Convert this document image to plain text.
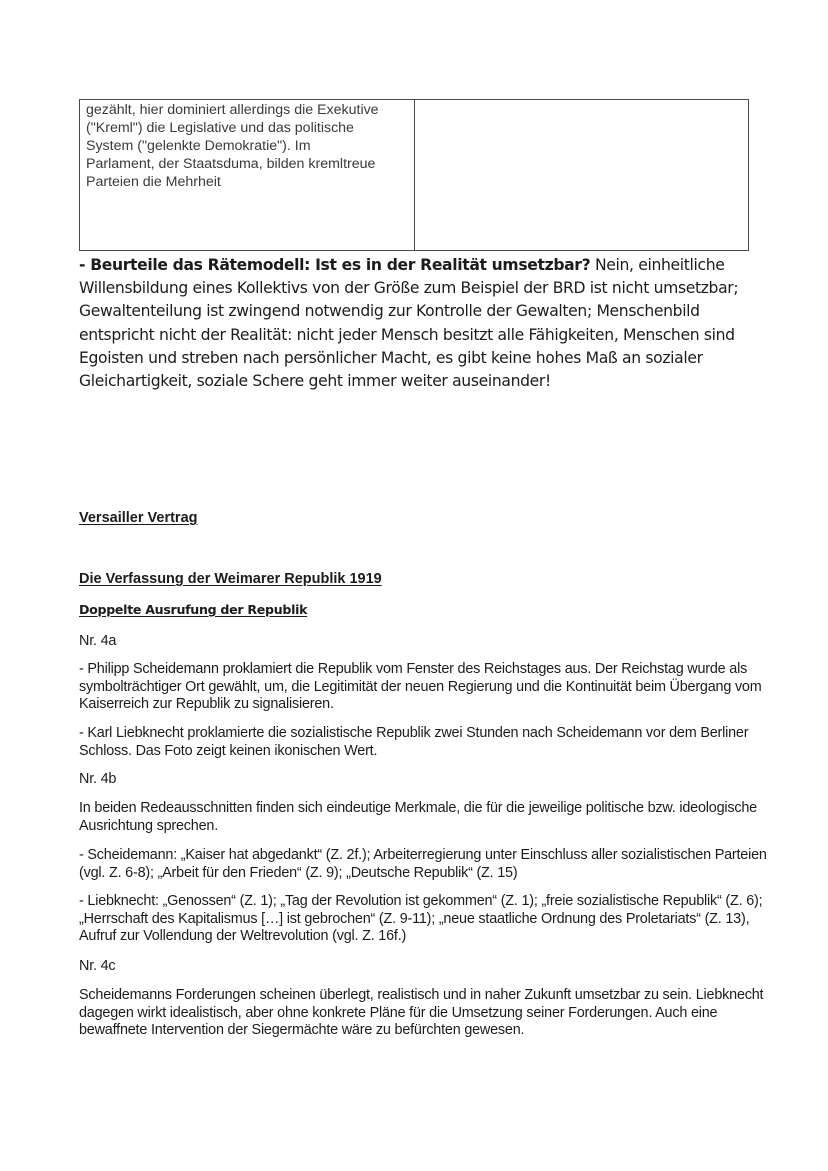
gezählt, hier dominiert allerdings die Exekutive
("Kreml") die Legislative und das politische
System ("gelenkte Demokratie"). Im
Parlament, der Staatsduma, bilden kremltreue
Parteien die Mehrheit
- Beurteile das Rätemodell: Ist es in der Realität umsetzbar? Nein, einheitliche Willensbildung eines Kollektivs von der Größe zum Beispiel der BRD ist nicht umsetzbar; Gewaltenteilung ist zwingend notwendig zur Kontrolle der Gewalten; Menschenbild entspricht nicht der Realität: nicht jeder Mensch besitzt alle Fähigkeiten, Menschen sind Egoisten und streben nach persönlicher Macht, es gibt keine hohes Maß an sozialer Gleichartigkeit, soziale Schere geht immer weiter auseinander!
Versailler Vertrag
Die Verfassung der Weimarer Republik 1919
Doppelte Ausrufung der Republik
Nr. 4a
- Philipp Scheidemann proklamiert die Republik vom Fenster des Reichstages aus. Der Reichstag wurde als symbolträchtiger Ort gewählt, um, die Legitimität der neuen Regierung und die Kontinuität beim Übergang vom Kaiserreich zur Republik zu signalisieren.
- Karl Liebknecht proklamierte die sozialistische Republik zwei Stunden nach Scheidemann vor dem Berliner Schloss. Das Foto zeigt keinen ikonischen Wert.
Nr. 4b
In beiden Redeausschnitten finden sich eindeutige Merkmale, die für die jeweilige politische bzw. ideologische Ausrichtung sprechen.
- Scheidemann: „Kaiser hat abgedankt“ (Z. 2f.); Arbeiterregierung unter Einschluss aller sozialistischen Parteien (vgl. Z. 6-8); „Arbeit für den Frieden“ (Z. 9); „Deutsche Republik“ (Z. 15)
- Liebknecht: „Genossen“ (Z. 1); „Tag der Revolution ist gekommen“ (Z. 1); „freie sozialistische Republik“ (Z. 6); „Herrschaft des Kapitalismus […] ist gebrochen“ (Z. 9-11); „neue staatliche Ordnung des Proletariats“ (Z. 13), Aufruf zur Vollendung der Weltrevolution (vgl. Z. 16f.)
Nr. 4c
Scheidemanns Forderungen scheinen überlegt, realistisch und in naher Zukunft umsetzbar zu sein. Liebknecht dagegen wirkt idealistisch, aber ohne konkrete Pläne für die Umsetzung seiner Forderungen. Auch eine bewaffnete Intervention der Siegermächte wäre zu befürchten gewesen.
